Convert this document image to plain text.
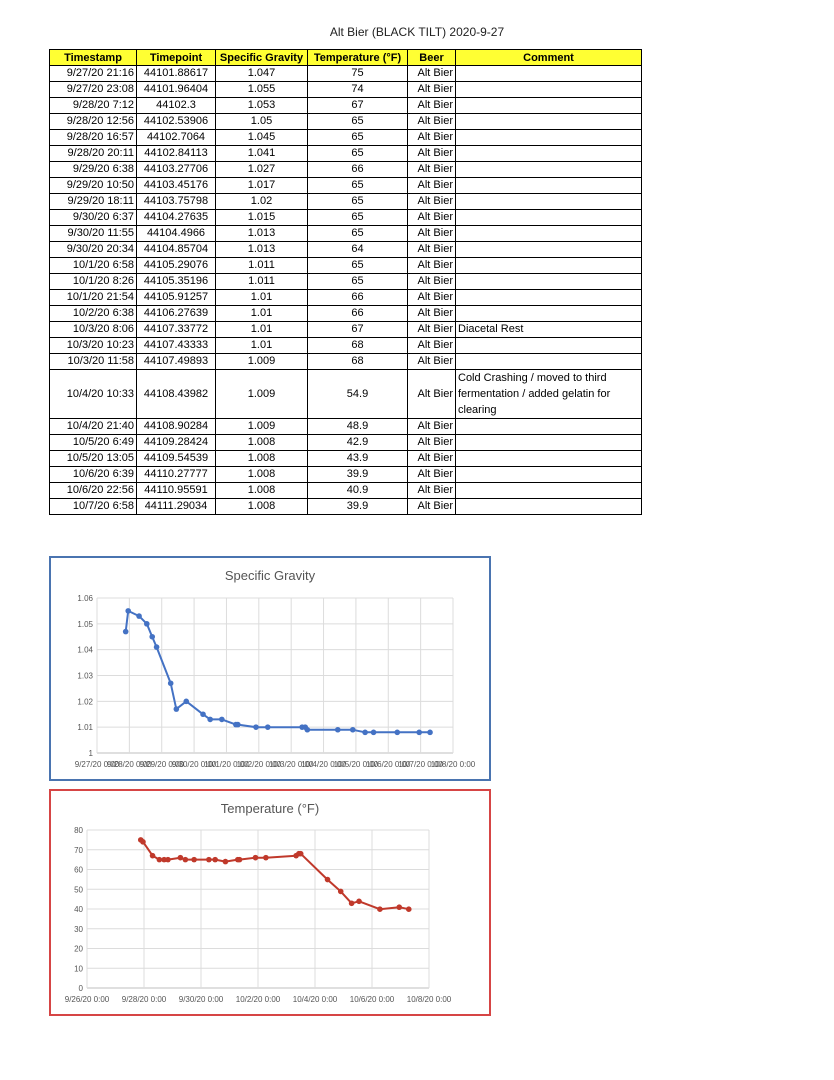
Alt Bier (BLACK TILT) 2020-9-27
Timestamp	Timepoint	Specific Gravity	Temperature (°F)	Beer	Comment
9/27/20 21:16	44101.88617	1.047	75	Alt Bier	
9/27/20 23:08	44101.96404	1.055	74	Alt Bier	
9/28/20 7:12	44102.3	1.053	67	Alt Bier	
9/28/20 12:56	44102.53906	1.05	65	Alt Bier	
9/28/20 16:57	44102.7064	1.045	65	Alt Bier	
9/28/20 20:11	44102.84113	1.041	65	Alt Bier	
9/29/20 6:38	44103.27706	1.027	66	Alt Bier	
9/29/20 10:50	44103.45176	1.017	65	Alt Bier	
9/29/20 18:11	44103.75798	1.02	65	Alt Bier	
9/30/20 6:37	44104.27635	1.015	65	Alt Bier	
9/30/20 11:55	44104.4966	1.013	65	Alt Bier	
9/30/20 20:34	44104.85704	1.013	64	Alt Bier	
10/1/20 6:58	44105.29076	1.011	65	Alt Bier	
10/1/20 8:26	44105.35196	1.011	65	Alt Bier	
10/1/20 21:54	44105.91257	1.01	66	Alt Bier	
10/2/20 6:38	44106.27639	1.01	66	Alt Bier	
10/3/20 8:06	44107.33772	1.01	67	Alt Bier	Diacetal Rest
10/3/20 10:23	44107.43333	1.01	68	Alt Bier	
10/3/20 11:58	44107.49893	1.009	68	Alt Bier	
10/4/20 10:33	44108.43982	1.009	54.9	Alt Bier	Cold Crashing / moved to third fermentation / added gelatin for clearing
10/4/20 21:40	44108.90284	1.009	48.9	Alt Bier	
10/5/20 6:49	44109.28424	1.008	42.9	Alt Bier	
10/5/20 13:05	44109.54539	1.008	43.9	Alt Bier	
10/6/20 6:39	44110.27777	1.008	39.9	Alt Bier	
10/6/20 22:56	44110.95591	1.008	40.9	Alt Bier	
10/7/20 6:58	44111.29034	1.008	39.9	Alt Bier	
Specific Gravity
1
1.01
1.02
1.03
1.04
1.05
1.06
9/27/20 0:00
9/28/20 0:00
9/29/20 0:00
9/30/20 0:00
10/1/20 0:00
10/2/20 0:00
10/3/20 0:00
10/4/20 0:00
10/5/20 0:00
10/6/20 0:00
10/7/20 0:00
10/8/20 0:00
Temperature (°F)
0
10
20
30
40
50
60
70
80
9/26/20 0:00 9/28/20 0:00 9/30/20 0:00 10/2/20 0:00 10/4/20 0:00 10/6/20 0:00 10/8/20 0:00
